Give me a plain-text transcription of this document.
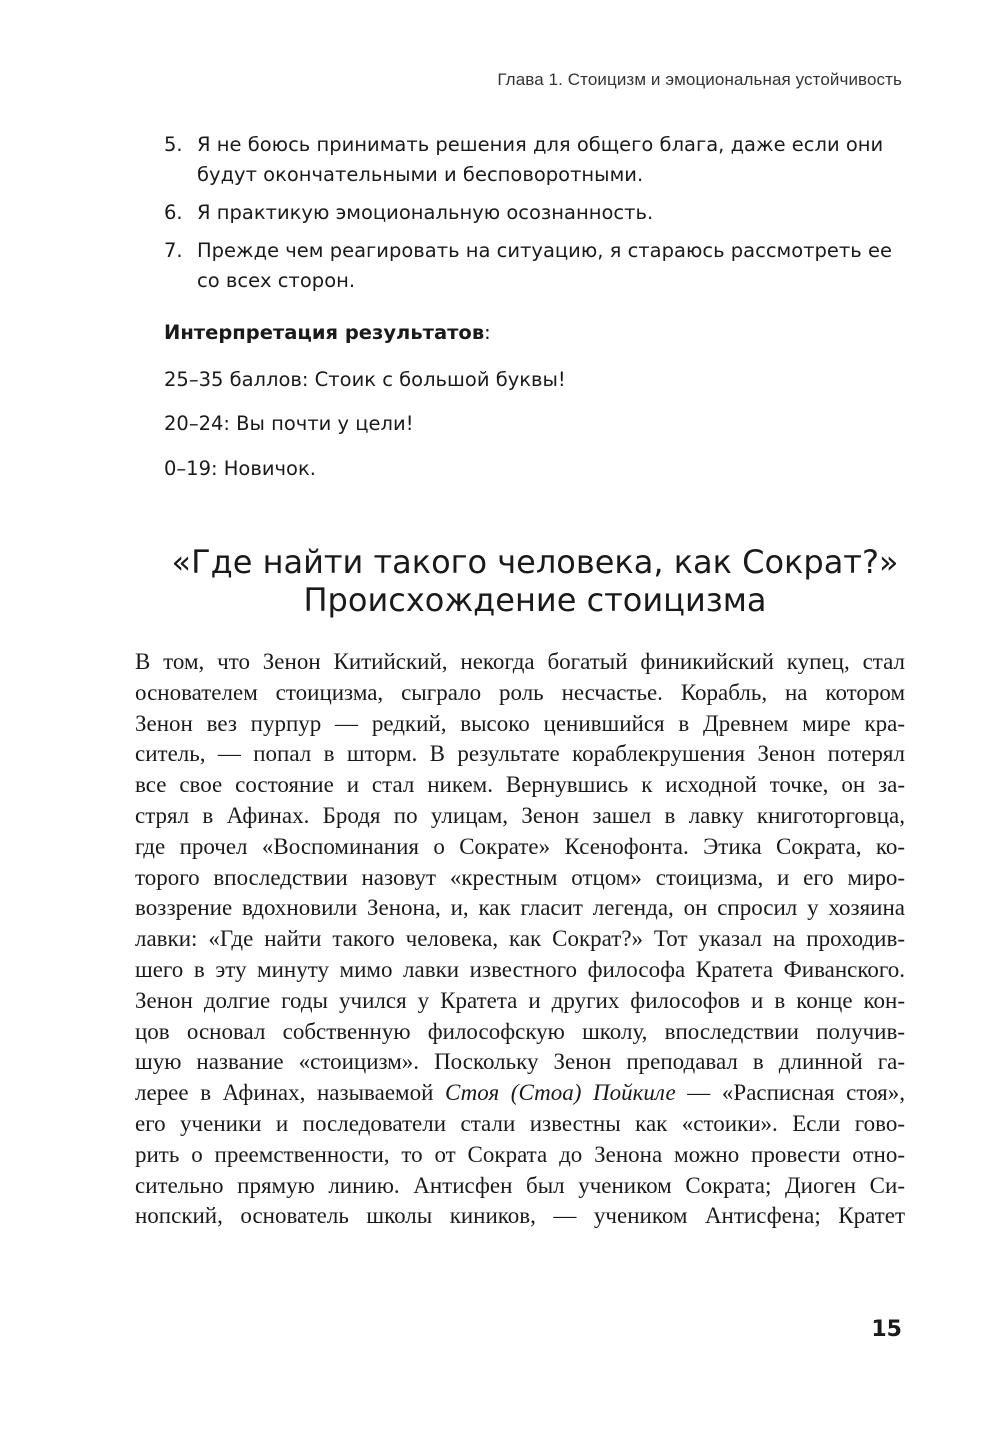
Глава 1. Стоицизм и эмоциональная устойчивость
5. Я не боюсь принимать решения для общего блага, даже если они будут окончательными и бесповоротными.
6. Я практикую эмоциональную осознанность.
7. Прежде чем реагировать на ситуацию, я стараюсь рассмотреть ее со всех сторон.
Интерпретация результатов:
25–35 баллов: Стоик с большой буквы!
20–24: Вы почти у цели!
0–19: Новичок.
«Где найти такого человека, как Сократ?»
Происхождение стоицизма
В том, что Зенон Китийский, некогда богатый финикийский купец, стал
основателем стоицизма, сыграло роль несчастье. Корабль, на котором
Зенон вез пурпур — редкий, высоко ценившийся в Древнем мире кра-
ситель, — попал в шторм. В результате кораблекрушения Зенон потерял
все свое состояние и стал никем. Вернувшись к исходной точке, он за-
стрял в Афинах. Бродя по улицам, Зенон зашел в лавку книготорговца,
где прочел «Воспоминания о Сократе» Ксенофонта. Этика Сократа, ко-
торого впоследствии назовут «крестным отцом» стоицизма, и его миро-
воззрение вдохновили Зенона, и, как гласит легенда, он спросил у хозяина
лавки: «Где найти такого человека, как Сократ?» Тот указал на проходив-
шего в эту минуту мимо лавки известного философа Кратета Фиванского.
Зенон долгие годы учился у Кратета и других философов и в конце кон-
цов основал собственную философскую школу, впоследствии получив-
шую название «стоицизм». Поскольку Зенон преподавал в длинной га-
лерее в Афинах, называемой Стоя (Стоа) Пойкиле — «Расписная стоя»,
его ученики и последователи стали известны как «стоики». Если гово-
рить о преемственности, то от Сократа до Зенона можно провести отно-
сительно прямую линию. Антисфен был учеником Сократа; Диоген Си-
нопский, основатель школы киников, — учеником Антисфена; Кратет
15
